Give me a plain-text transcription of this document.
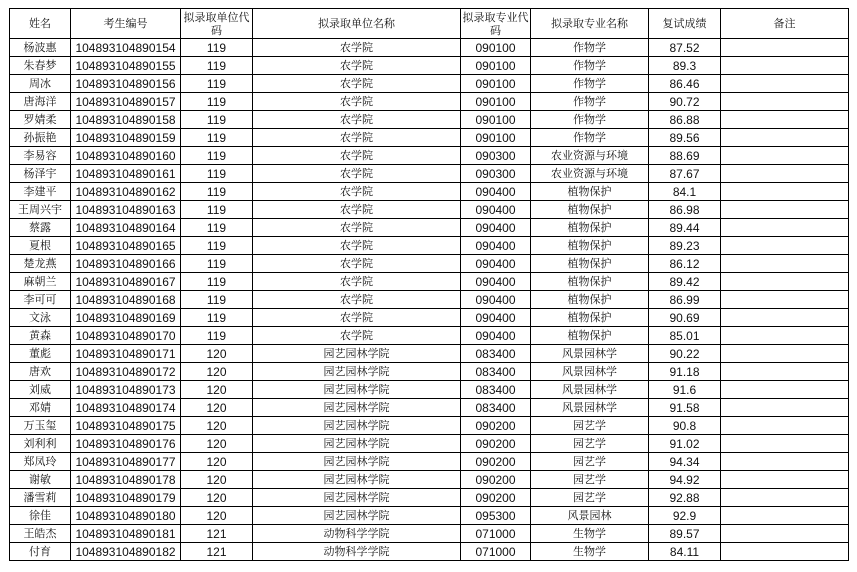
姓名	考生编号	拟录取单位代码	拟录取单位名称	拟录取专业代码	拟录取专业名称	复试成绩	备注
杨波惠	104893104890154	119	农学院	090100	作物学	87.52	
朱春梦	104893104890155	119	农学院	090100	作物学	89.3	
周冰	104893104890156	119	农学院	090100	作物学	86.46	
唐海洋	104893104890157	119	农学院	090100	作物学	90.72	
罗婧柔	104893104890158	119	农学院	090100	作物学	86.88	
孙振艳	104893104890159	119	农学院	090100	作物学	89.56	
李易容	104893104890160	119	农学院	090300	农业资源与环境	88.69	
杨泽宇	104893104890161	119	农学院	090300	农业资源与环境	87.67	
李建平	104893104890162	119	农学院	090400	植物保护	84.1	
王周兴宇	104893104890163	119	农学院	090400	植物保护	86.98	
蔡露	104893104890164	119	农学院	090400	植物保护	89.44	
夏根	104893104890165	119	农学院	090400	植物保护	89.23	
楚龙燕	104893104890166	119	农学院	090400	植物保护	86.12	
麻朝兰	104893104890167	119	农学院	090400	植物保护	89.42	
李可可	104893104890168	119	农学院	090400	植物保护	86.99	
文泳	104893104890169	119	农学院	090400	植物保护	90.69	
黄森	104893104890170	119	农学院	090400	植物保护	85.01	
董彪	104893104890171	120	园艺园林学院	083400	风景园林学	90.22	
唐欢	104893104890172	120	园艺园林学院	083400	风景园林学	91.18	
刘威	104893104890173	120	园艺园林学院	083400	风景园林学	91.6	
邓婧	104893104890174	120	园艺园林学院	083400	风景园林学	91.58	
万玉玺	104893104890175	120	园艺园林学院	090200	园艺学	90.8	
刘利利	104893104890176	120	园艺园林学院	090200	园艺学	91.02	
郑凤玲	104893104890177	120	园艺园林学院	090200	园艺学	94.34	
谢敏	104893104890178	120	园艺园林学院	090200	园艺学	94.92	
潘雪莉	104893104890179	120	园艺园林学院	090200	园艺学	92.88	
徐佳	104893104890180	120	园艺园林学院	095300	风景园林	92.9	
王皓杰	104893104890181	121	动物科学学院	071000	生物学	89.57	
付育	104893104890182	121	动物科学学院	071000	生物学	84.11	
